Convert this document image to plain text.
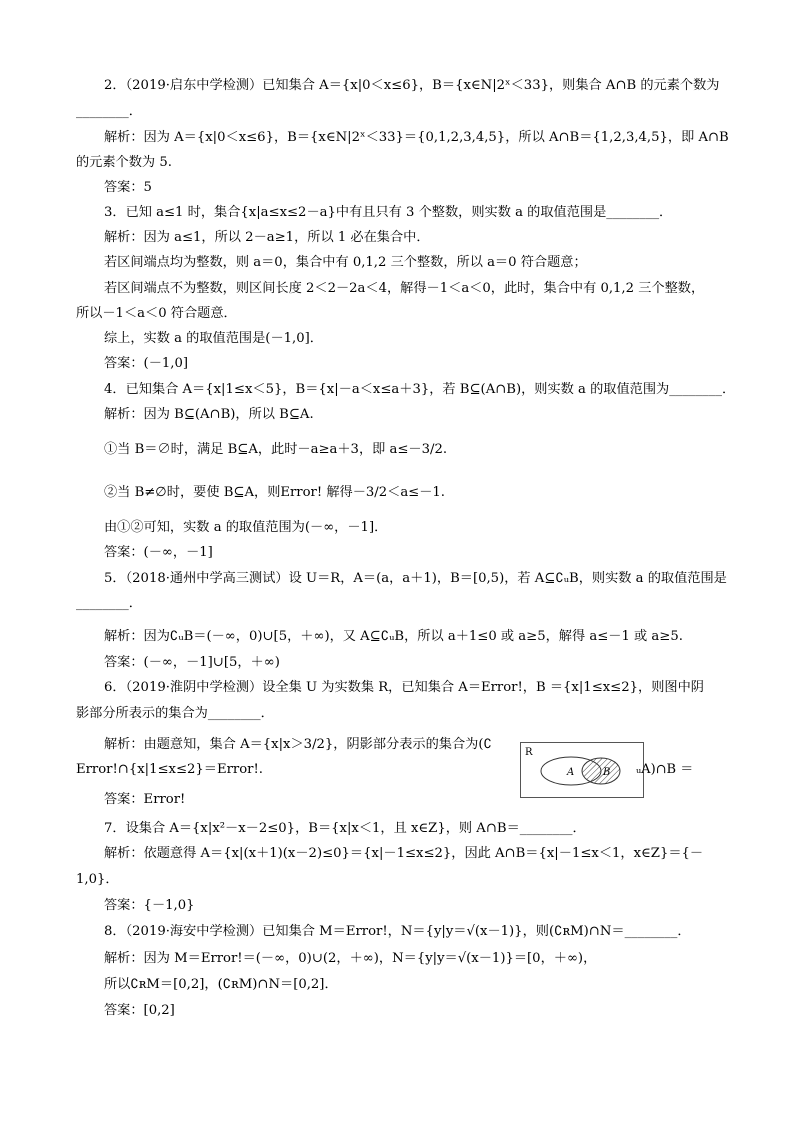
2．（2019·启东中学检测）已知集合 A＝{x|0＜x≤6}，B＝{x∈N|2ˣ＜33}，则集合 A∩B 的元素个数为
________．
解析：因为 A＝{x|0＜x≤6}，B＝{x∈N|2ˣ＜33}＝{0,1,2,3,4,5}，所以 A∩B＝{1,2,3,4,5}，即 A∩B
的元素个数为 5.
答案：5
3．已知 a≤1 时，集合{x|a≤x≤2－a}中有且只有 3 个整数，则实数 a 的取值范围是________．
解析：因为 a≤1，所以 2－a≥1，所以 1 必在集合中．
若区间端点均为整数，则 a＝0，集合中有 0,1,2 三个整数，所以 a＝0 符合题意；
若区间端点不为整数，则区间长度 2＜2－2a＜4，解得－1＜a＜0，此时，集合中有 0,1,2 三个整数，
所以－1＜a＜0 符合题意．
综上，实数 a 的取值范围是(－1,0]．
答案：(－1,0]
4．已知集合 A＝{x|1≤x＜5}，B＝{x|－a＜x≤a＋3}，若 B⊆(A∩B)，则实数 a 的取值范围为________．
解析：因为 B⊆(A∩B)，所以 B⊆A.
①当 B＝∅时，满足 B⊆A，此时－a≥a＋3，即 a≤－3/2.
②当 B≠∅时，要使 B⊆A，则Error! 解得－3/2＜a≤－1.
由①②可知，实数 a 的取值范围为(－∞，－1]．
答案：(－∞，－1]
5．（2018·通州中学高三测试）设 U＝R，A＝(a，a＋1)，B＝[0,5)，若 A⊆∁ᵤB，则实数 a 的取值范围是
________．
解析：因为∁ᵤB＝(－∞，0)∪[5，＋∞)，又 A⊆∁ᵤB，所以 a＋1≤0 或 a≥5，解得 a≤－1 或 a≥5.
答案：(－∞，－1]∪[5，＋∞)
6．（2019·淮阴中学检测）设全集 U 为实数集 R，已知集合 A＝Error!，B ＝{x|1≤x≤2}，则图中阴
影部分所表示的集合为________．
解析：由题意知，集合 A＝{x|x＞3/2}，阴影部分表示的集合为(∁
Error!∩{x|1≤x≤2}＝Error!.
答案：Error!
7．设集合 A＝{x|x²－x－2≤0}，B＝{x|x＜1，且 x∈Z}，则 A∩B＝________．
解析：依题意得 A＝{x|(x＋1)(x－2)≤0}＝{x|－1≤x≤2}，因此 A∩B＝{x|－1≤x＜1，x∈Z}＝{－
1,0}．
答案：{－1,0}
8．（2019·海安中学检测）已知集合 M＝Error!，N＝{y|y＝√(x－1)}，则(∁ʀM)∩N＝________．
解析：因为 M＝Error!＝(－∞，0)∪(2，＋∞)，N＝{y|y＝√(x－1)}＝[0，＋∞)，
所以∁ʀM＝[0,2]，(∁ʀM)∩N＝[0,2]．
答案：[0,2]
R
A	B ᵤA)∩B ＝
